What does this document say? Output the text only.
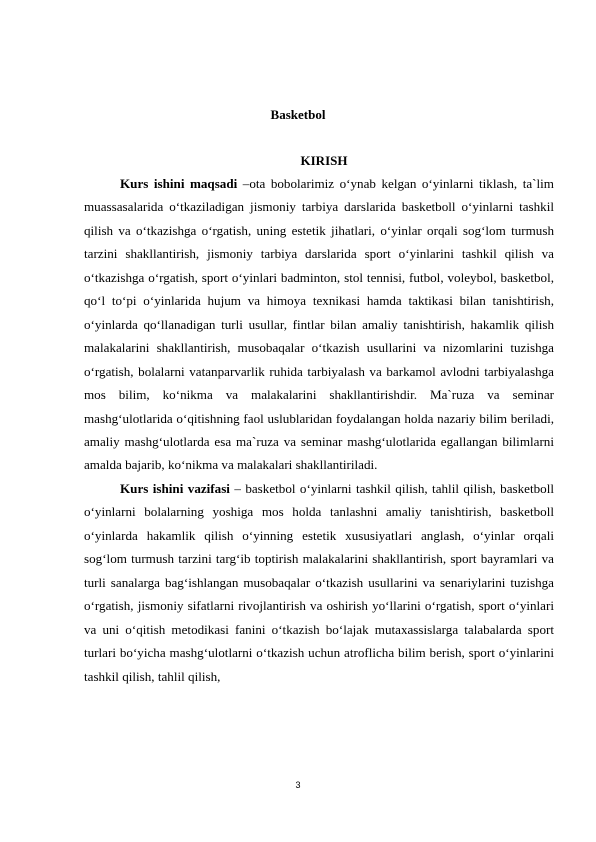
Basketbol
KIRISH

Kurs ishini maqsadi –ota bobolarimiz o‘ynab kelgan o‘yinlarni tiklash, ta`lim muassasalarida o‘tkaziladigan jismoniy tarbiya darslarida basketboll o‘yinlarni tashkil qilish va o‘tkazishga o‘rgatish, uning estetik jihatlari, o‘yinlar orqali sog‘lom turmush tarzini shakllantirish, jismoniy tarbiya darslarida sport o‘yinlarini tashkil qilish va o‘tkazishga o‘rgatish, sport o‘yinlari badminton, stol tennisi, futbol, voleybol, basketbol, qo‘l to‘pi o‘yinlarida hujum va himoya texnikasi hamda taktikasi bilan tanishtirish, o‘yinlarda qo‘llanadigan turli usullar, fintlar bilan amaliy tanishtirish, hakamlik qilish malakalarini shakllantirish, musobaqalar o‘tkazish usullarini va nizomlarini tuzishga o‘rgatish, bolalarni vatanparvarlik ruhida tarbiyalash va barkamol avlodni tarbiyalashga mos bilim, ko‘nikma va malakalarini shakllantirishdir. Ma`ruza va seminar mashg‘ulotlarida o‘qitishning faol uslublaridan foydalangan holda nazariy bilim beriladi, amaliy mashg‘ulotlarda esa ma`ruza va seminar mashg‘ulotlarida egallangan bilimlarni amalda bajarib, ko‘nikma va malakalari shakllantiriladi.

Kurs ishini vazifasi – basketbol o‘yinlarni tashkil qilish, tahlil qilish, basketboll o‘yinlarni bolalarning yoshiga mos holda tanlashni amaliy tanishtirish, basketboll o‘yinlarda hakamlik qilish o‘yinning estetik xususiyatlari anglash, o‘yinlar orqali sog‘lom turmush tarzini targ‘ib toptirish malakalarini shakllantirish, sport bayramlari va turli sanalarga bag‘ishlangan musobaqalar o‘tkazish usullarini va senariylarini tuzishga o‘rgatish, jismoniy sifatlarni rivojlantirish va oshirish yo‘llarini o‘rgatish, sport o‘yinlari va uni o‘qitish metodikasi fanini o‘tkazish bo‘lajak mutaxassislarga talabalarda sport turlari bo‘yicha mashg‘ulotlarni o‘tkazish uchun atroflicha bilim berish, sport o‘yinlarini tashkil qilish, tahlil qilish,

3
